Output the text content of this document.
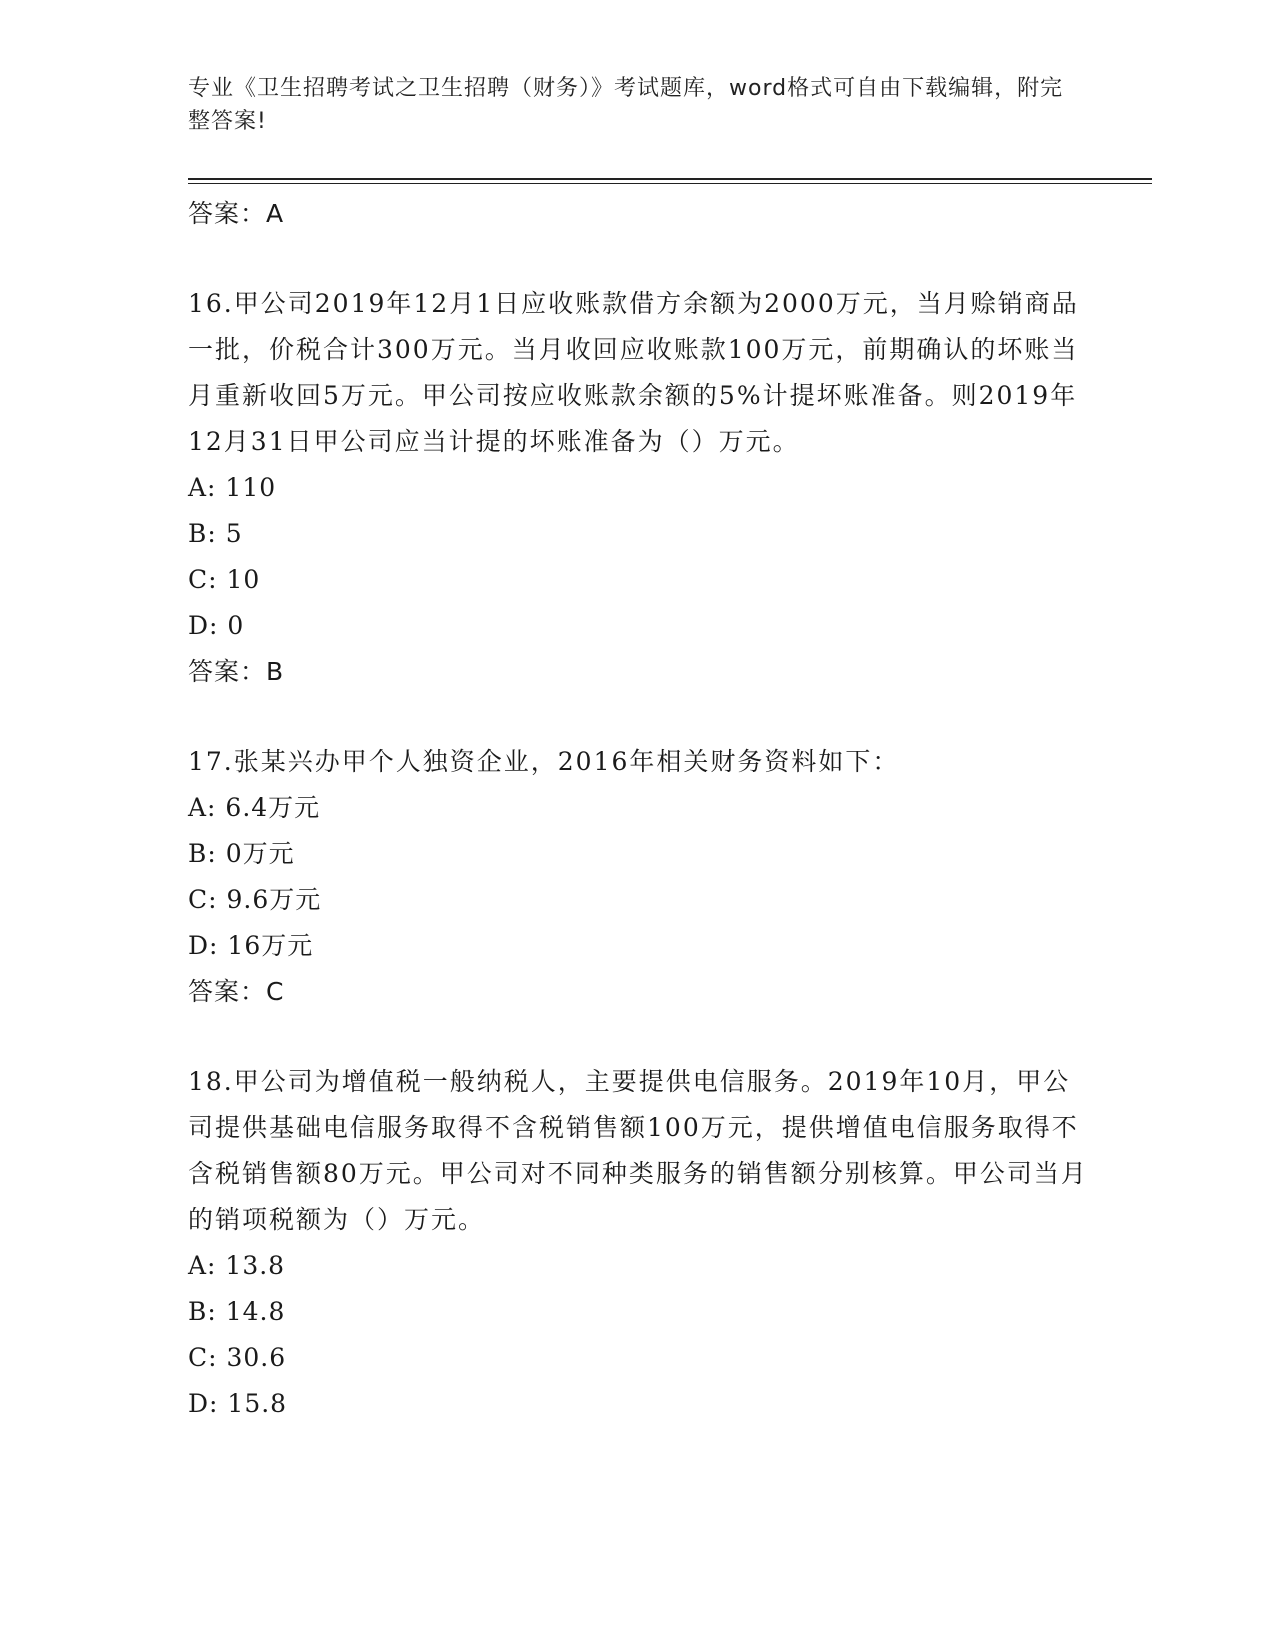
专业《卫生招聘考试之卫生招聘（财务）》考试题库，word格式可自由下载编辑，附完整答案!

答案：A

16.甲公司2019年12月1日应收账款借方余额为2000万元，当月赊销商品一批，价税合计300万元。当月收回应收账款100万元，前期确认的坏账当月重新收回5万元。甲公司按应收账款余额的5%计提坏账准备。则2019年12月31日甲公司应当计提的坏账准备为（）万元。

A: 110

B: 5

C: 10

D: 0

答案：B

17.张某兴办甲个人独资企业，2016年相关财务资料如下：

A: 6.4万元

B: 0万元

C: 9.6万元

D: 16万元

答案：C

18.甲公司为增值税一般纳税人，主要提供电信服务。2019年10月，甲公司提供基础电信服务取得不含税销售额100万元，提供增值电信服务取得不含税销售额80万元。甲公司对不同种类服务的销售额分别核算。甲公司当月的销项税额为（）万元。

A: 13.8

B: 14.8

C: 30.6

D: 15.8
